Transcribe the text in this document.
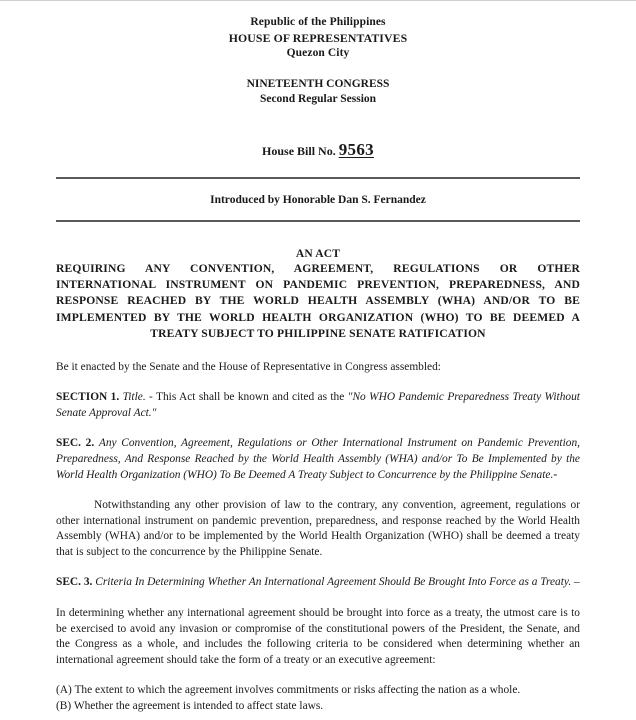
Republic of the Philippines
HOUSE OF REPRESENTATIVES
Quezon City
NINETEENTH CONGRESS
Second Regular Session
House Bill No. 9563
Introduced by Honorable Dan S. Fernandez
AN ACT
REQUIRING ANY CONVENTION, AGREEMENT, REGULATIONS OR OTHER INTERNATIONAL INSTRUMENT ON PANDEMIC PREVENTION, PREPAREDNESS, AND RESPONSE REACHED BY THE WORLD HEALTH ASSEMBLY (WHA) AND/OR TO BE IMPLEMENTED BY THE WORLD HEALTH ORGANIZATION (WHO) TO BE DEEMED A TREATY SUBJECT TO PHILIPPINE SENATE RATIFICATION

Be it enacted by the Senate and the House of Representative in Congress assembled:

SECTION 1. Title. - This Act shall be known and cited as the "No WHO Pandemic Preparedness Treaty Without Senate Approval Act."

SEC. 2. Any Convention, Agreement, Regulations or Other International Instrument on Pandemic Prevention, Preparedness, And Response Reached by the World Health Assembly (WHA) and/or To Be Implemented by the World Health Organization (WHO) To Be Deemed A Treaty Subject to Concurrence by the Philippine Senate.-

Notwithstanding any other provision of law to the contrary, any convention, agreement, regulations or other international instrument on pandemic prevention, preparedness, and response reached by the World Health Assembly (WHA) and/or to be implemented by the World Health Organization (WHO) shall be deemed a treaty that is subject to the concurrence by the Philippine Senate.

SEC. 3. Criteria In Determining Whether An International Agreement Should Be Brought Into Force as a Treaty. –

In determining whether any international agreement should be brought into force as a treaty, the utmost care is to be exercised to avoid any invasion or compromise of the constitutional powers of the President, the Senate, and the Congress as a whole, and includes the following criteria to be considered when determining whether an international agreement should take the form of a treaty or an executive agreement:

(A) The extent to which the agreement involves commitments or risks affecting the nation as a whole.

(B) Whether the agreement is intended to affect state laws.
